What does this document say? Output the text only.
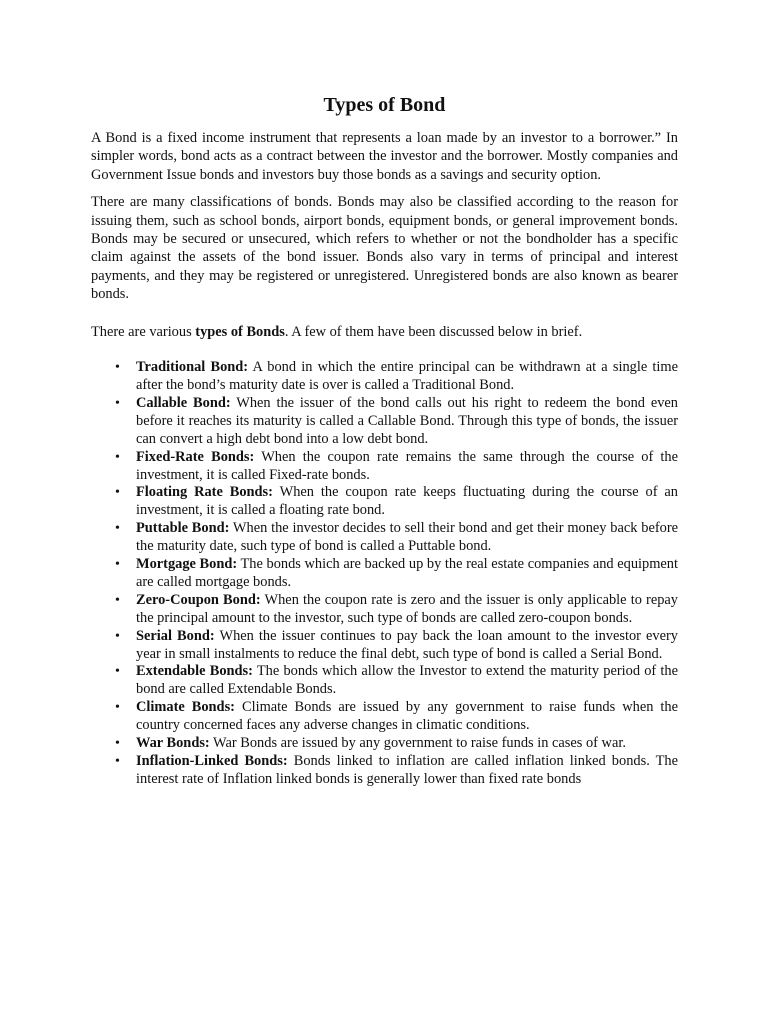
Types of Bond

A Bond is a fixed income instrument that represents a loan made by an investor to a borrower.” In simpler words, bond acts as a contract between the investor and the borrower. Mostly companies and Government Issue bonds and investors buy those bonds as a savings and security option.

There are many classifications of bonds. Bonds may also be classified according to the reason for issuing them, such as school bonds, airport bonds, equipment bonds, or general improvement bonds. Bonds may be secured or unsecured, which refers to whether or not the bondholder has a specific claim against the assets of the bond issuer. Bonds also vary in terms of principal and interest payments, and they may be registered or unregistered. Unregistered bonds are also known as bearer bonds.

There are various types of Bonds. A few of them have been discussed below in brief.

• Traditional Bond: A bond in which the entire principal can be withdrawn at a single time after the bond’s maturity date is over is called a Traditional Bond.
• Callable Bond: When the issuer of the bond calls out his right to redeem the bond even before it reaches its maturity is called a Callable Bond. Through this type of bonds, the issuer can convert a high debt bond into a low debt bond.
• Fixed-Rate Bonds: When the coupon rate remains the same through the course of the investment, it is called Fixed-rate bonds.
• Floating Rate Bonds: When the coupon rate keeps fluctuating during the course of an investment, it is called a floating rate bond.
• Puttable Bond: When the investor decides to sell their bond and get their money back before the maturity date, such type of bond is called a Puttable bond.
• Mortgage Bond: The bonds which are backed up by the real estate companies and equipment are called mortgage bonds.
• Zero-Coupon Bond: When the coupon rate is zero and the issuer is only applicable to repay the principal amount to the investor, such type of bonds are called zero-coupon bonds.
• Serial Bond: When the issuer continues to pay back the loan amount to the investor every year in small instalments to reduce the final debt, such type of bond is called a Serial Bond.
• Extendable Bonds: The bonds which allow the Investor to extend the maturity period of the bond are called Extendable Bonds.
• Climate Bonds: Climate Bonds are issued by any government to raise funds when the country concerned faces any adverse changes in climatic conditions.
• War Bonds: War Bonds are issued by any government to raise funds in cases of war.
• Inflation-Linked Bonds: Bonds linked to inflation are called inflation linked bonds. The interest rate of Inflation linked bonds is generally lower than fixed rate bonds
